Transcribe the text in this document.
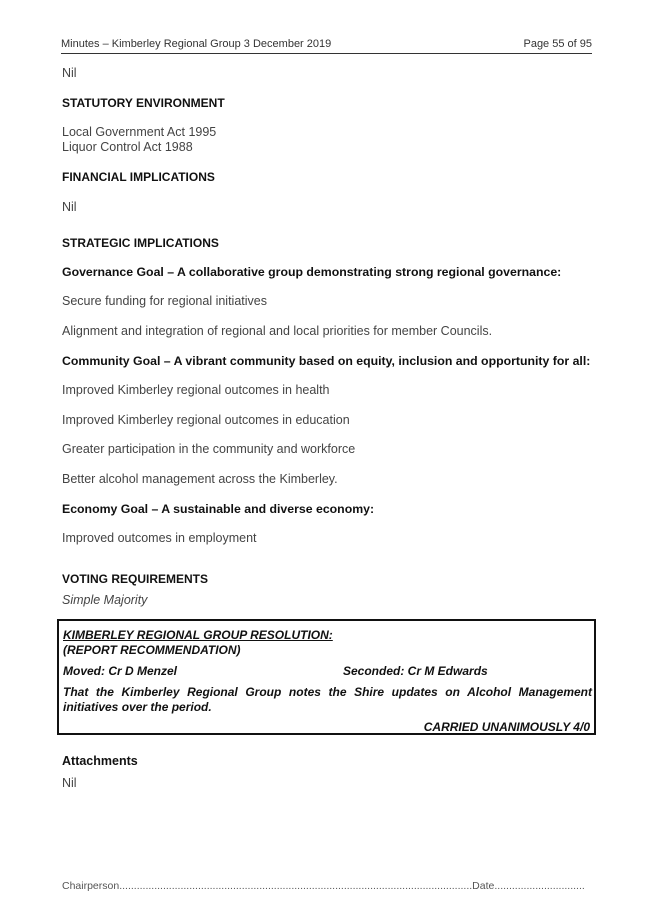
Minutes – Kimberley Regional Group 3 December 2019	Page 55 of 95
Nil
STATUTORY ENVIRONMENT
Local Government Act 1995
Liquor Control Act 1988
FINANCIAL IMPLICATIONS
Nil
STRATEGIC IMPLICATIONS
Governance Goal – A collaborative group demonstrating strong regional governance:
Secure funding for regional initiatives
Alignment and integration of regional and local priorities for member Councils.
Community Goal – A vibrant community based on equity, inclusion and opportunity for all:
Improved Kimberley regional outcomes in health
Improved Kimberley regional outcomes in education
Greater participation in the community and workforce
Better alcohol management across the Kimberley.
Economy Goal – A sustainable and diverse economy:
Improved outcomes in employment
VOTING REQUIREMENTS
Simple Majority
KIMBERLEY REGIONAL GROUP RESOLUTION:
(REPORT RECOMMENDATION)
Moved: Cr D Menzel	Seconded: Cr M Edwards
That the Kimberley Regional Group notes the Shire updates on Alcohol Management initiatives over the period.
CARRIED UNANIMOUSLY 4/0
Attachments
Nil
Chairperson.........................................................................................................................Date...............................
